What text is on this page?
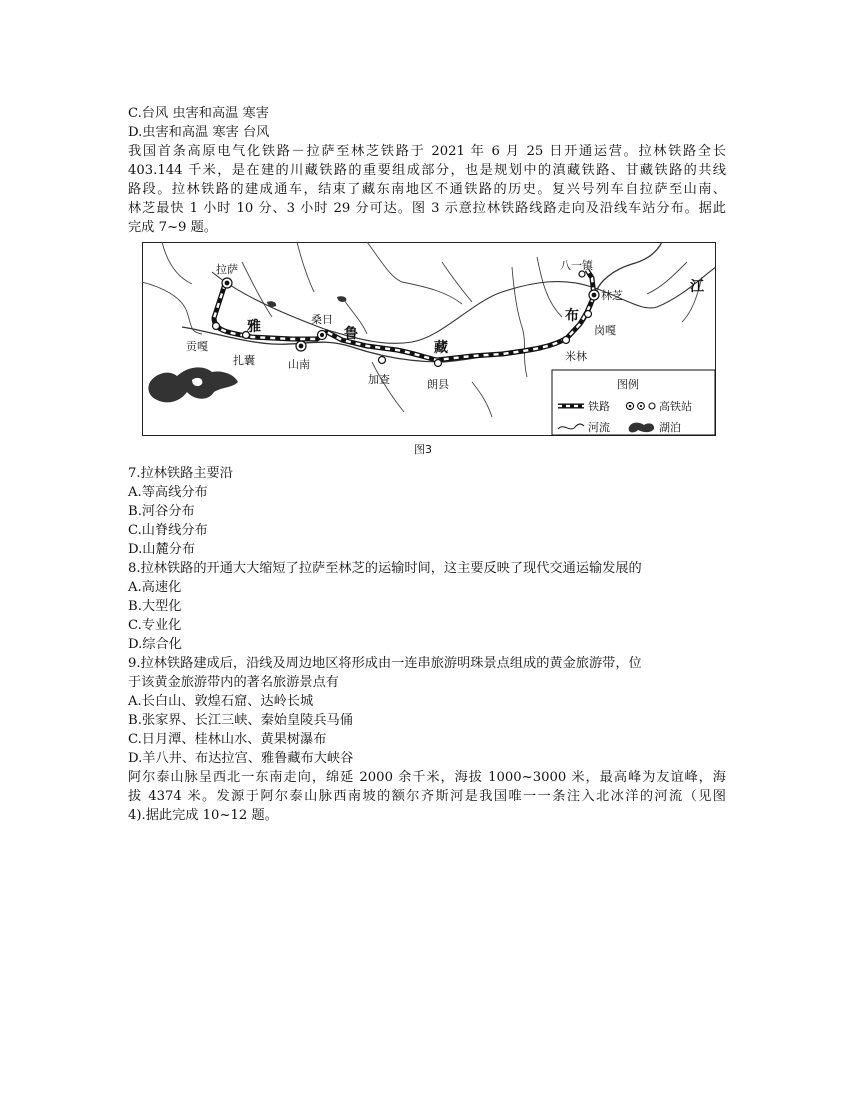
C.台风 虫害和高温 寒害
D.虫害和高温 寒害 台风
我国首条高原电气化铁路－拉萨至林芝铁路于 2021 年 6 月 25 日开通运营。拉林铁路全长
403.144 千米，是在建的川藏铁路的重要组成部分，也是规划中的滇藏铁路、甘藏铁路的共线
路段。拉林铁路的建成通车，结束了藏东南地区不通铁路的历史。复兴号列车自拉萨至山南、
林芝最快 1 小时 10 分、3 小时 29 分可达。图 3 示意拉林铁路线路走向及沿线车站分布。据此
完成 7~9 题。
拉萨
贡嘎
扎囊	山南
桑日
加查	朗县
米林
岗嘎
林芝
八一镇
雅	鲁
藏
布
江
图例
铁路	高铁站
河流	湖泊
图3
7.拉林铁路主要沿
A.等高线分布
B.河谷分布
C.山脊线分布
D.山麓分布
8.拉林铁路的开通大大缩短了拉萨至林芝的运输时间，这主要反映了现代交通运输发展的
A.高速化
B.大型化
C.专业化
D.综合化
9.拉林铁路建成后，沿线及周边地区将形成由一连串旅游明珠景点组成的黄金旅游带，位
于该黄金旅游带内的著名旅游景点有
A.长白山、敦煌石窟、达岭长城
B.张家界、长江三峡、秦始皇陵兵马俑
C.日月潭、桂林山水、黄果树瀑布
D.羊八井、布达拉宫、雅鲁藏布大峡谷
阿尔泰山脉呈西北一东南走向，绵延 2000 余千米，海拔 1000~3000 米，最高峰为友谊峰，海
拔 4374 米。发源于阿尔泰山脉西南坡的额尔齐斯河是我国唯一一条注入北冰洋的河流（见图
4).据此完成 10~12 题。
